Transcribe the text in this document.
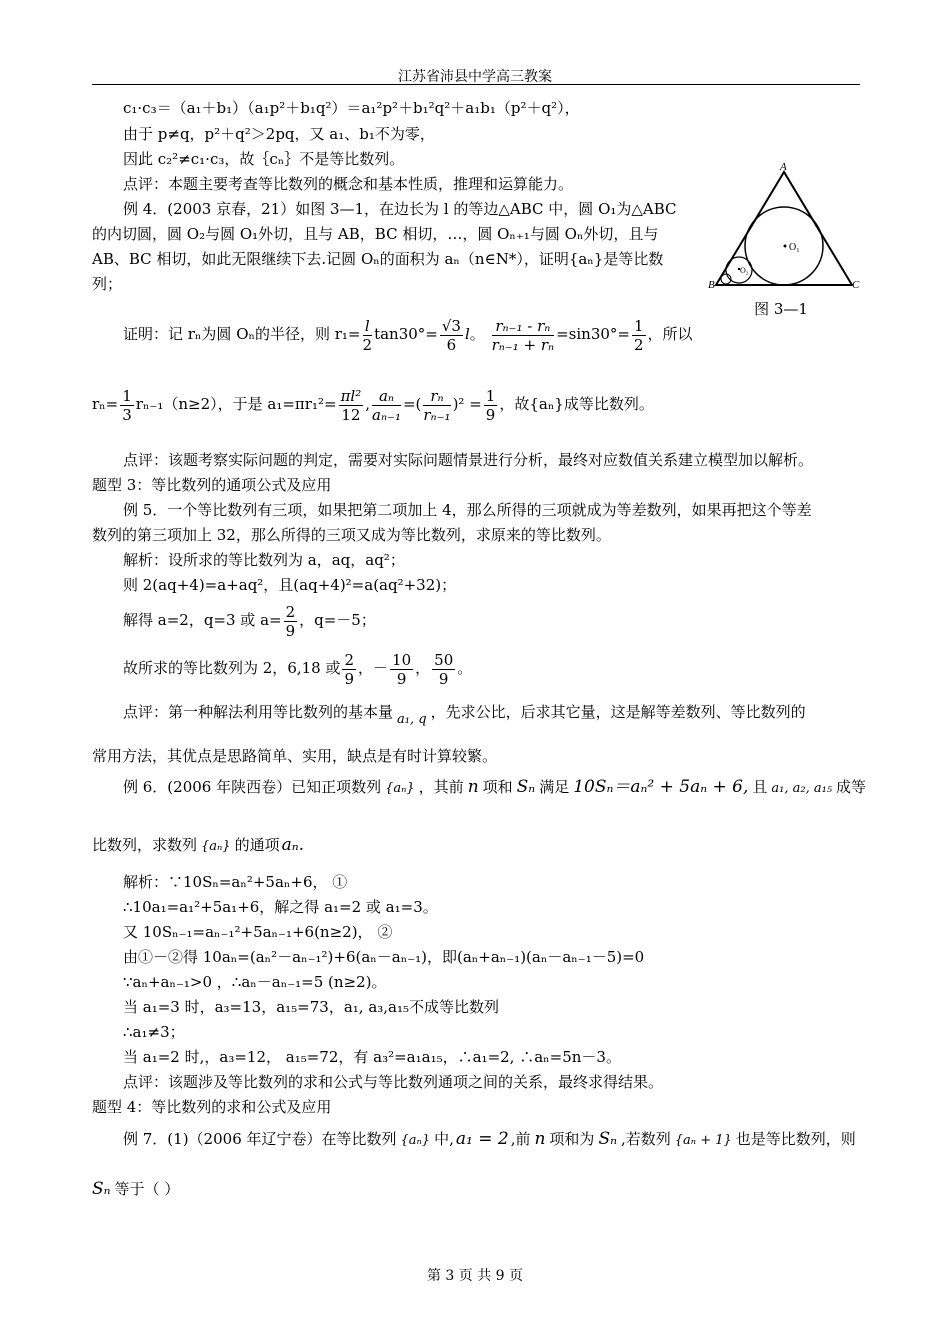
江苏省沛县中学高三教案
c₁·c₃＝（a₁＋b₁）（a₁p²＋b₁q²）＝a₁²p²＋b₁²q²＋a₁b₁（p²＋q²），
由于 p≠q，p²＋q²＞2pq，又 a₁、b₁不为零，
因此 c₂²≠c₁·c₃，故｛cₙ｝不是等比数列。
点评：本题主要考查等比数列的概念和基本性质，推理和运算能力。
例 4．(2003 京春，21）如图 3—1，在边长为 l 的等边△ABC 中，圆 O₁为△ABC
的内切圆，圆 O₂与圆 O₁外切，且与 AB，BC 相切，…，圆 Oₙ₊₁与圆 Oₙ外切，且与
AB、BC 相切，如此无限继续下去.记圆 Oₙ的面积为 aₙ（n∈N*），证明{aₙ}是等比数
列；
A
B	C
O₁
O₂
图 3—1
证明：记 rₙ为圆 Oₙ的半径，则 $r_1= \frac{l}{2} \tan 30^\circ= \frac{√3}{6}$ l。 $\frac{\text{rₙ₋₁ - rₙ}}{\text{rₙ₋₁ + rₙ}} =\sin 30^\circ= \frac{1}{2}$ ，所以
$r_n= \frac{1}{3} r_{n-1}(n\ge 2)$，于是 $a_1=\pi r_1^2= \frac{\text{πl²}}{12}$ , $\frac{\text{aₙ}}{\text{aₙ₋₁}}$ =( $\frac{\text{rₙ}}{\text{rₙ₋₁}} )^2 = \frac{1}{9}$ ，故{aₙ}成等比数列。
点评：该题考察实际问题的判定，需要对实际问题情景进行分析，最终对应数值关系建立模型加以解析。
题型 3：等比数列的通项公式及应用
例 5．一个等比数列有三项，如果把第二项加上 4，那么所得的三项就成为等差数列，如果再把这个等差
数列的第三项加上 32，那么所得的三项又成为等比数列，求原来的等比数列。
解析：设所求的等比数列为 a，aq，aq²；
则 2(aq+4)=a+aq²，且(aq+4)²=a(aq²+32)；
解得 a=2，q=3 或 $a= \frac{2}{9}$ ，q=－5；
故所求的等比数列为 2，6,18 或 $\frac{2}{9}$ ，－ $\frac{10}{9}$ ， $\frac{50}{9}$ 。
点评：第一种解法利用等比数列的基本量 a₁, q ，先求公比，后求其它量，这是解等差数列、等比数列的
常用方法，其优点是思路简单、实用，缺点是有时计算较繁。
例 6．(2006 年陕西卷）已知正项数列 {aₙ} ，其前 n 项和 Sₙ 满足 10Sₙ＝aₙ² + 5aₙ + 6, 且 a₁, a₂, a₁₅ 成等
比数列，求数列 {aₙ} 的通项 aₙ.
解析：∵10Sₙ=aₙ²+5aₙ+6， ①
∴10a₁=a₁²+5a₁+6，解之得 a₁=2 或 a₁=3。
又 10Sₙ₋₁=aₙ₋₁²+5aₙ₋₁+6(n≥2)， ②
由①－②得 10aₙ=(aₙ²－aₙ₋₁²)+6(aₙ－aₙ₋₁)，即(aₙ+aₙ₋₁)(aₙ－aₙ₋₁－5)=0
∵aₙ+aₙ₋₁>0 ，∴aₙ－aₙ₋₁=5 (n≥2)。
当 a₁=3 时，a₃=13，a₁₅=73，a₁, a₃,a₁₅不成等比数列
∴a₁≠3；
当 a₁=2 时,，a₃=12， a₁₅=72，有 a₃²=a₁a₁₅，∴a₁=2, ∴aₙ=5n－3。
点评：该题涉及等比数列的求和公式与等比数列通项之间的关系，最终求得结果。
题型 4：等比数列的求和公式及应用
例 7．(1)（2006 年辽宁卷）在等比数列 {aₙ} 中, a₁ = 2 ,前 n 项和为 Sₙ ,若数列 {aₙ + 1} 也是等比数列，则
Sₙ 等于（ ）
第 3 页 共 9 页
